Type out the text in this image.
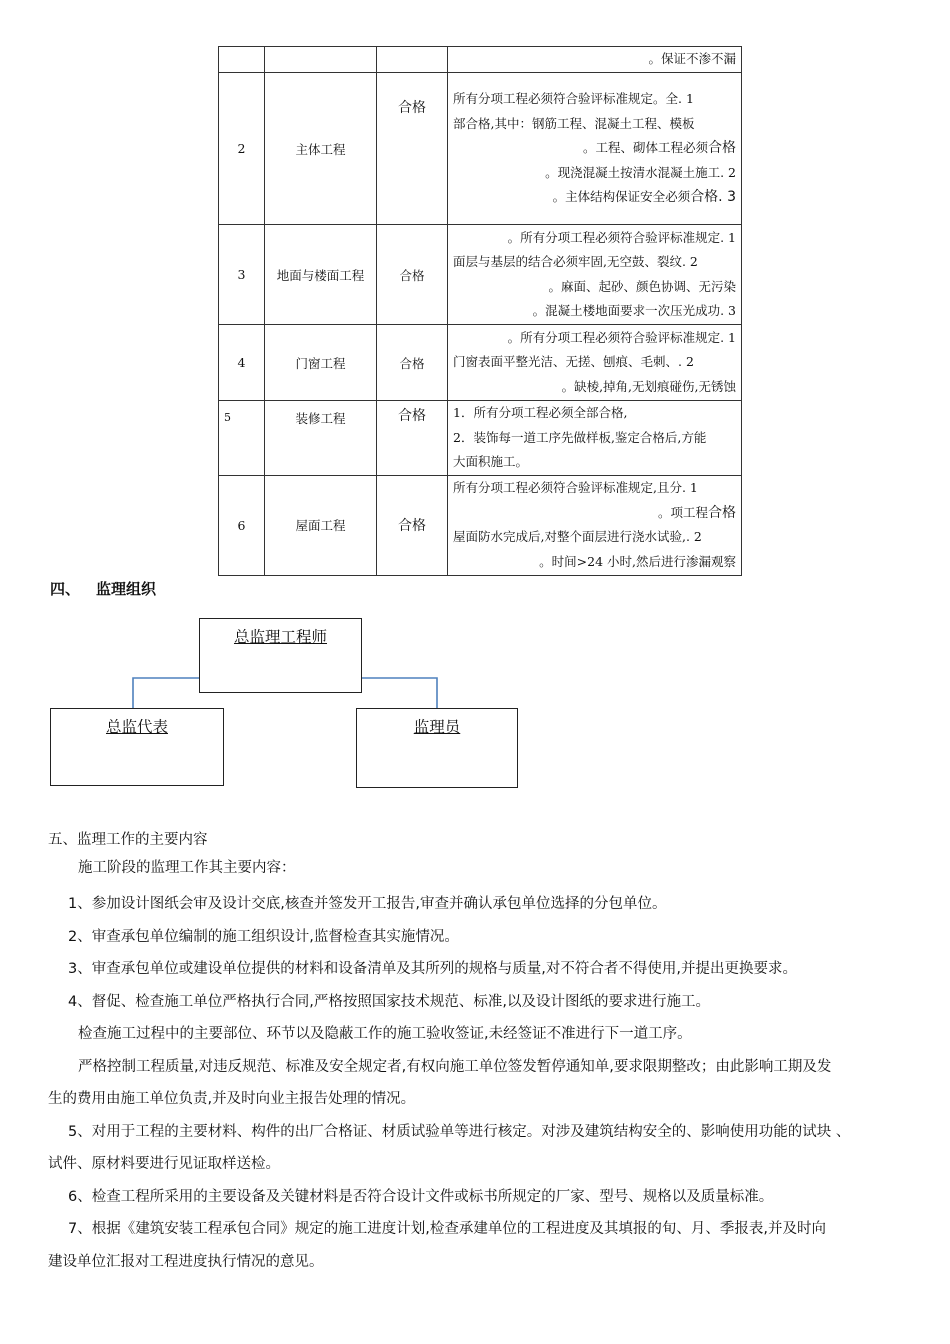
			。保证不渗不漏

2	主体工程	合格	所有分项工程必须符合验评标准规定。全. 1
部合格,其中：钢筋工程、混凝土工程、模板
。工程、砌体工程必须合格
。现浇混凝土按清水混凝土施工. 2
。主体结构保证安全必须合格. 3

3	地面与楼面工程	合格	。所有分项工程必须符合验评标准规定. 1
面层与基层的结合必须牢固,无空鼓、裂纹. 2
。麻面、起砂、颜色协调、无污染
。混凝土楼地面要求一次压光成功. 3

4	门窗工程	合格	。所有分项工程必须符合验评标准规定. 1
门窗表面平整光洁、无搓、刨痕、毛刺、. 2
。缺棱,掉角,无划痕碰伤,无锈蚀

5	装修工程	合格	1．所有分项工程必须全部合格,
2．装饰每一道工序先做样板,鉴定合格后,方能
大面积施工。

6	屋面工程	合格	所有分项工程必须符合验评标准规定,且分. 1
。项工程合格
屋面防水完成后,对整个面层进行浇水试验,. 2
。时间>24 小时,然后进行渗漏观察
四、 监理组织
总监理工程师
总监代表	监理员

五、监理工作的主要内容

施工阶段的监理工作其主要内容：

1、参加设计图纸会审及设计交底,核查并签发开工报告,审查并确认承包单位选择的分包单位。

2、审查承包单位编制的施工组织设计,监督检查其实施情况。

3、审查承包单位或建设单位提供的材料和设备清单及其所列的规格与质量,对不符合者不得使用,并提出更换要求。

4、督促、检查施工单位严格执行合同,严格按照国家技术规范、标准,以及设计图纸的要求进行施工。

检查施工过程中的主要部位、环节以及隐蔽工作的施工验收签证,未经签证不准进行下一道工序。

严格控制工程质量,对违反规范、标准及安全规定者,有权向施工单位签发暂停通知单,要求限期整改；由此影响工期及发

生的费用由施工单位负责,并及时向业主报告处理的情况。

5、对用于工程的主要材料、构件的出厂合格证、材质试验单等进行核定。对涉及建筑结构安全的、影响使用功能的试块 、

试件、原材料要进行见证取样送检。

6、检查工程所采用的主要设备及关键材料是否符合设计文件或标书所规定的厂家、型号、规格以及质量标准。

7、根据《建筑安装工程承包合同》规定的施工进度计划,检查承建单位的工程进度及其填报的旬、月、季报表,并及时向

建设单位汇报对工程进度执行情况的意见。
